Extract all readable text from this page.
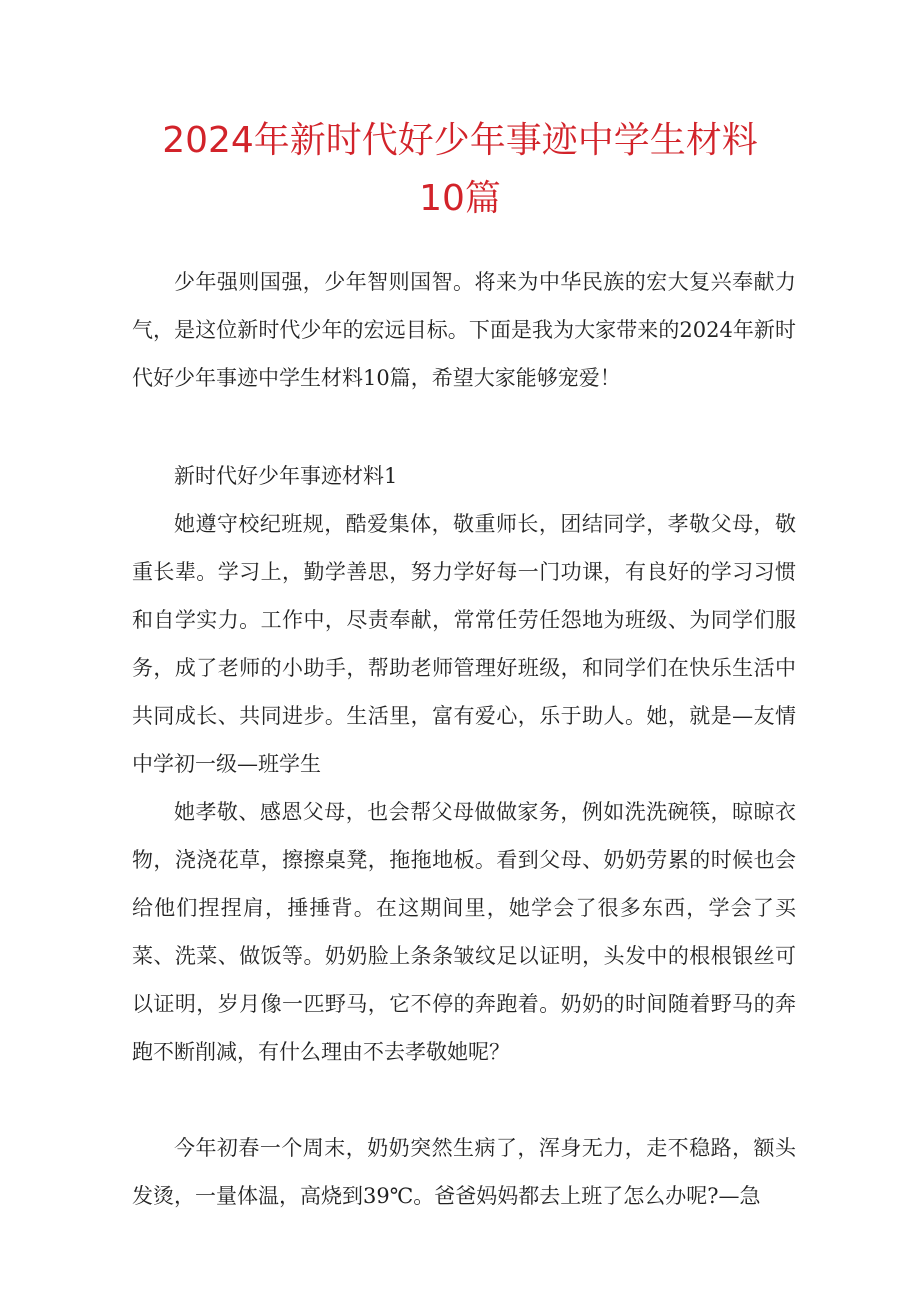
2024年新时代好少年事迹中学生材料
10篇

少年强则国强，少年智则国智。将来为中华民族的宏大复兴奉献力气，是这位新时代少年的宏远目标。下面是我为大家带来的2024年新时代好少年事迹中学生材料10篇，希望大家能够宠爱！

新时代好少年事迹材料1

她遵守校纪班规，酷爱集体，敬重师长，团结同学，孝敬父母，敬重长辈。学习上，勤学善思，努力学好每一门功课，有良好的学习习惯和自学实力。工作中，尽责奉献，常常任劳任怨地为班级、为同学们服务，成了老师的小助手，帮助老师管理好班级，和同学们在快乐生活中共同成长、共同进步。生活里，富有爱心，乐于助人。她，就是—友情中学初一级—班学生

她孝敬、感恩父母，也会帮父母做做家务，例如洗洗碗筷，晾晾衣物，浇浇花草，擦擦桌凳，拖拖地板。看到父母、奶奶劳累的时候也会给他们捏捏肩，捶捶背。在这期间里，她学会了很多东西，学会了买菜、洗菜、做饭等。奶奶脸上条条皱纹足以证明，头发中的根根银丝可以证明，岁月像一匹野马，它不停的奔跑着。奶奶的时间随着野马的奔跑不断削减，有什么理由不去孝敬她呢？

今年初春一个周末，奶奶突然生病了，浑身无力，走不稳路，额头发烫，一量体温，高烧到39℃。爸爸妈妈都去上班了怎么办呢?—急
